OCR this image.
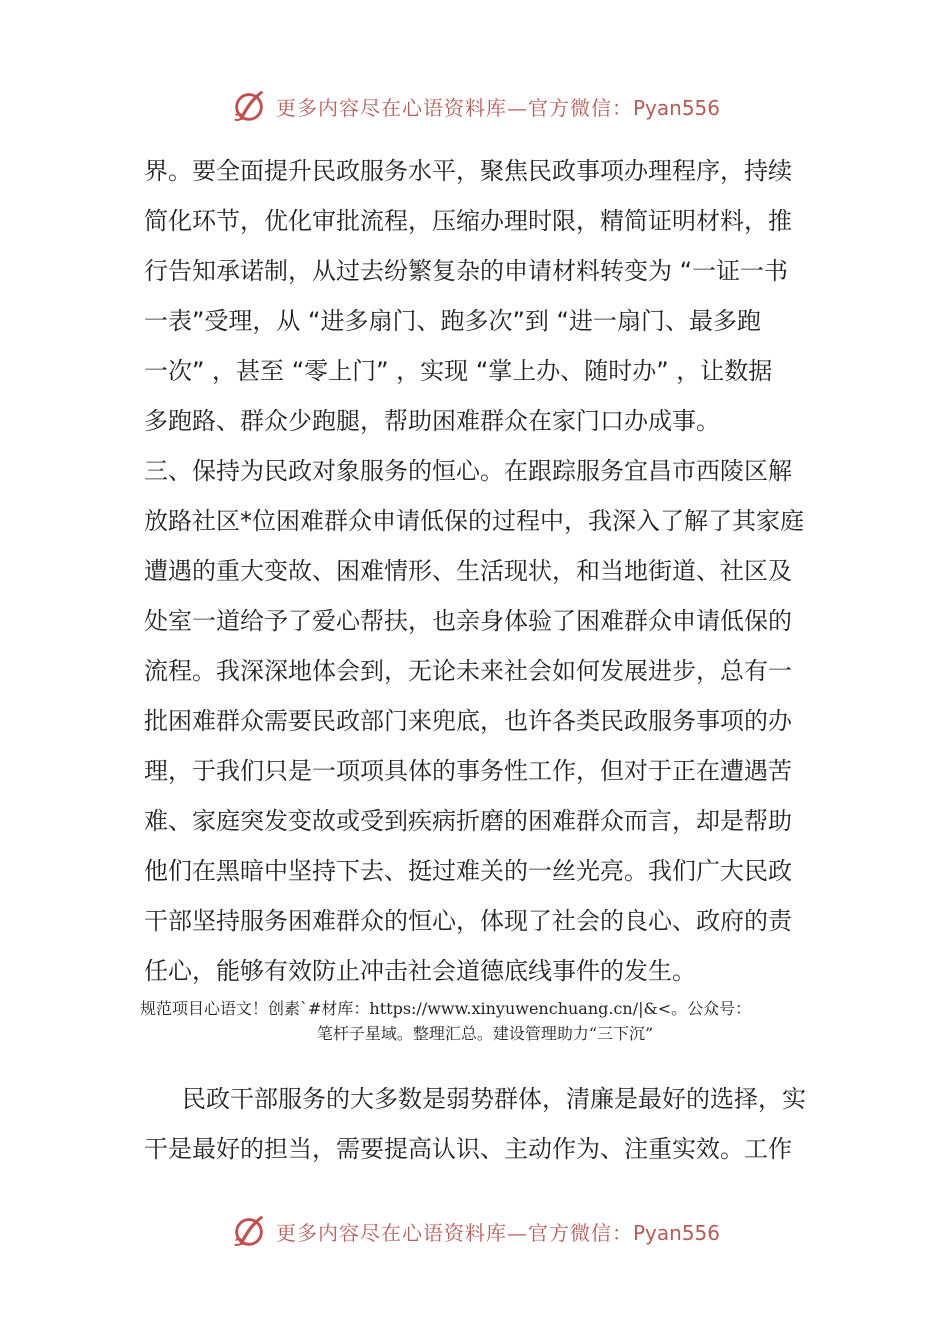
更多内容尽在心语资料库—官方微信：Pyan556
界。要全面提升民政服务水平，聚焦民政事项办理程序，持续
简化环节，优化审批流程，压缩办理时限，精简证明材料，推
行告知承诺制，从过去纷繁复杂的申请材料转变为 “一证一书
一表”受理，从 “进多扇门、跑多次”到 “进一扇门、最多跑
一次” ，甚至 “零上门” ，实现 “掌上办、随时办” ，让数据
多跑路、群众少跑腿，帮助困难群众在家门口办成事。
三、保持为民政对象服务的恒心。在跟踪服务宜昌市西陵区解
放路社区*位困难群众申请低保的过程中，我深入了解了其家庭
遭遇的重大变故、困难情形、生活现状，和当地街道、社区及
处室一道给予了爱心帮扶，也亲身体验了困难群众申请低保的
流程。我深深地体会到，无论未来社会如何发展进步，总有一
批困难群众需要民政部门来兜底，也许各类民政服务事项的办
理，于我们只是一项项具体的事务性工作，但对于正在遭遇苦
难、家庭突发变故或受到疾病折磨的困难群众而言，却是帮助
他们在黑暗中坚持下去、挺过难关的一丝光亮。我们广大民政
干部坚持服务困难群众的恒心，体现了社会的良心、政府的责
任心，能够有效防止冲击社会道德底线事件的发生。
规范项目心语文！创素`#材库：https://www.xinyuwenchuang.cn/|&<。公众号：
笔杆子星域。整理汇总。建设管理助力“三下沉”
民政干部服务的大多数是弱势群体，清廉是最好的选择，实
干是最好的担当，需要提高认识、主动作为、注重实效。工作
更多内容尽在心语资料库—官方微信：Pyan556
